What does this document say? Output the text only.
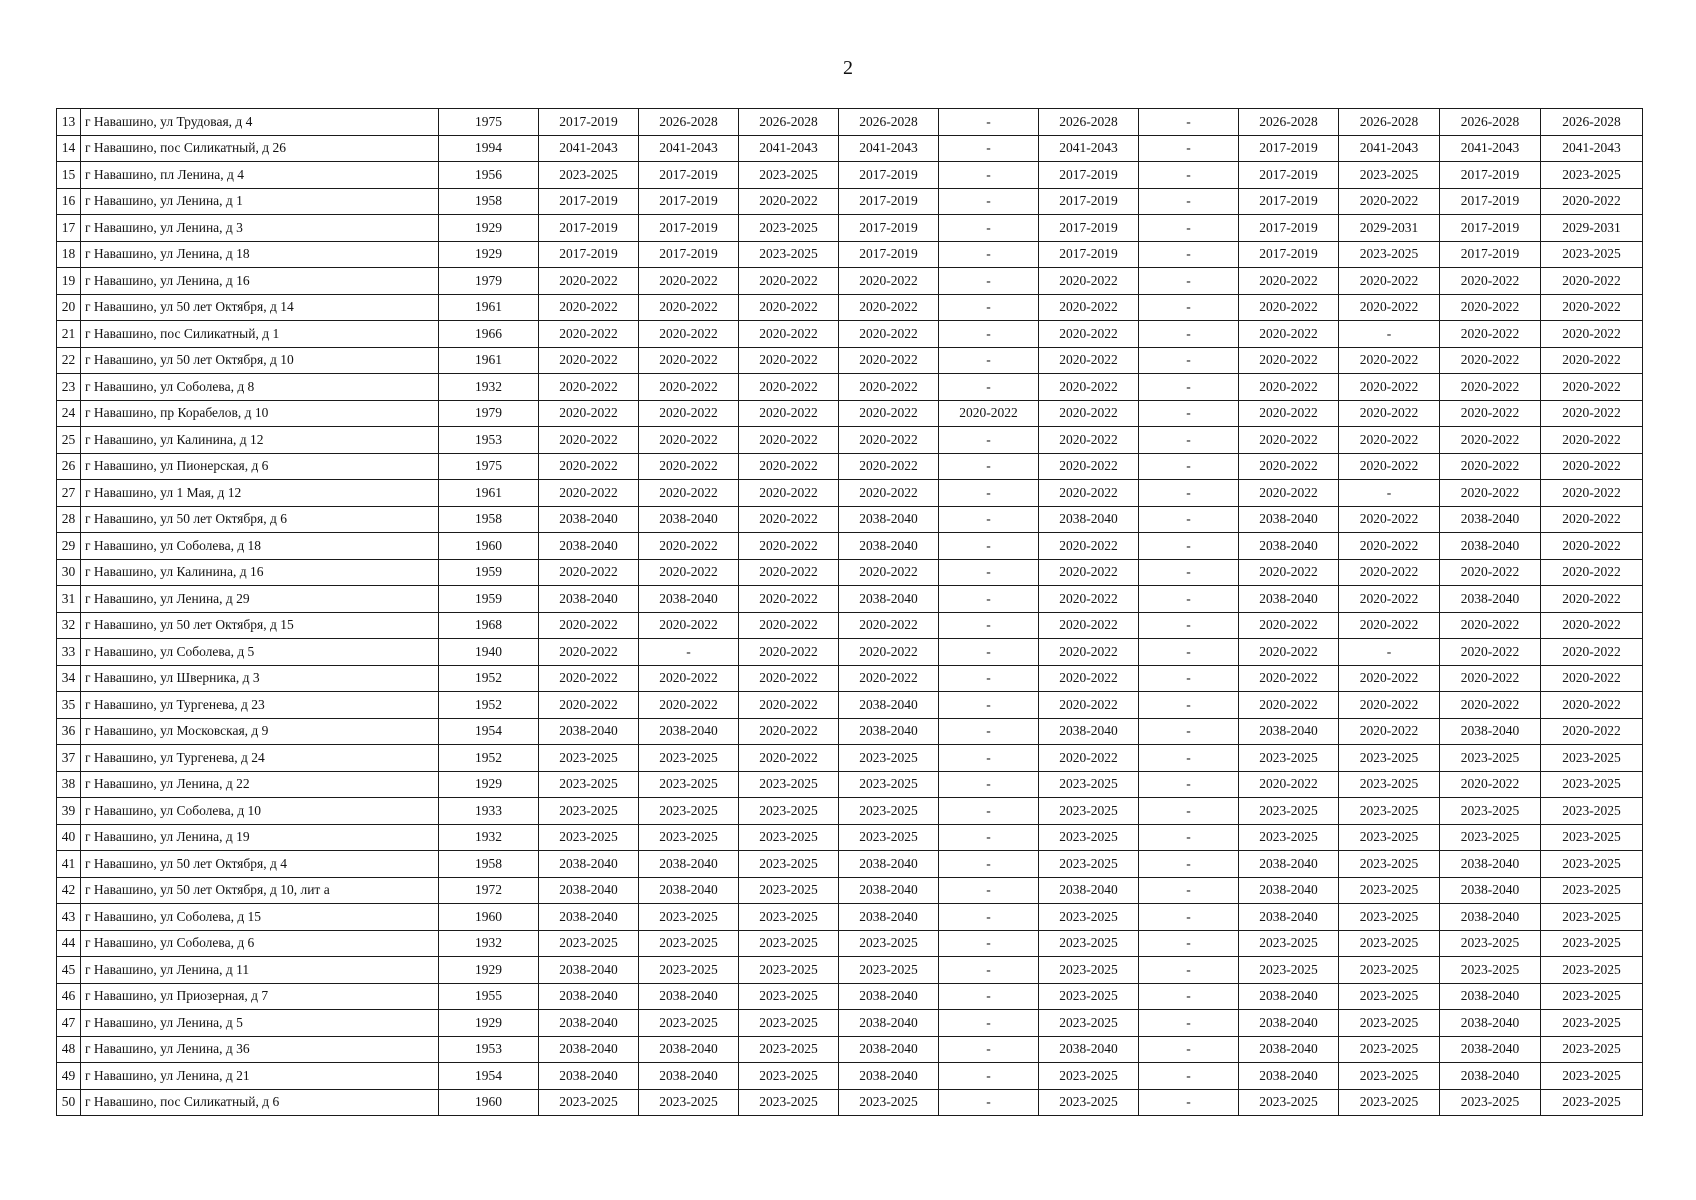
2
13	г Навашино, ул Трудовая, д 4	1975	2017-2019	2026-2028	2026-2028	2026-2028	-	2026-2028	-	2026-2028	2026-2028	2026-2028	2026-2028
14	г Навашино, пос Силикатный, д 26	1994	2041-2043	2041-2043	2041-2043	2041-2043	-	2041-2043	-	2017-2019	2041-2043	2041-2043	2041-2043
15	г Навашино, пл Ленина, д 4	1956	2023-2025	2017-2019	2023-2025	2017-2019	-	2017-2019	-	2017-2019	2023-2025	2017-2019	2023-2025
16	г Навашино, ул Ленина, д 1	1958	2017-2019	2017-2019	2020-2022	2017-2019	-	2017-2019	-	2017-2019	2020-2022	2017-2019	2020-2022
17	г Навашино, ул Ленина, д 3	1929	2017-2019	2017-2019	2023-2025	2017-2019	-	2017-2019	-	2017-2019	2029-2031	2017-2019	2029-2031
18	г Навашино, ул Ленина, д 18	1929	2017-2019	2017-2019	2023-2025	2017-2019	-	2017-2019	-	2017-2019	2023-2025	2017-2019	2023-2025
19	г Навашино, ул Ленина, д 16	1979	2020-2022	2020-2022	2020-2022	2020-2022	-	2020-2022	-	2020-2022	2020-2022	2020-2022	2020-2022
20	г Навашино, ул 50 лет Октября, д 14	1961	2020-2022	2020-2022	2020-2022	2020-2022	-	2020-2022	-	2020-2022	2020-2022	2020-2022	2020-2022
21	г Навашино, пос Силикатный, д 1	1966	2020-2022	2020-2022	2020-2022	2020-2022	-	2020-2022	-	2020-2022	-	2020-2022	2020-2022
22	г Навашино, ул 50 лет Октября, д 10	1961	2020-2022	2020-2022	2020-2022	2020-2022	-	2020-2022	-	2020-2022	2020-2022	2020-2022	2020-2022
23	г Навашино, ул Соболева, д 8	1932	2020-2022	2020-2022	2020-2022	2020-2022	-	2020-2022	-	2020-2022	2020-2022	2020-2022	2020-2022
24	г Навашино, пр Корабелов, д 10	1979	2020-2022	2020-2022	2020-2022	2020-2022	2020-2022	2020-2022	-	2020-2022	2020-2022	2020-2022	2020-2022
25	г Навашино, ул Калинина, д 12	1953	2020-2022	2020-2022	2020-2022	2020-2022	-	2020-2022	-	2020-2022	2020-2022	2020-2022	2020-2022
26	г Навашино, ул Пионерская, д 6	1975	2020-2022	2020-2022	2020-2022	2020-2022	-	2020-2022	-	2020-2022	2020-2022	2020-2022	2020-2022
27	г Навашино, ул 1 Мая, д 12	1961	2020-2022	2020-2022	2020-2022	2020-2022	-	2020-2022	-	2020-2022	-	2020-2022	2020-2022
28	г Навашино, ул 50 лет Октября, д 6	1958	2038-2040	2038-2040	2020-2022	2038-2040	-	2038-2040	-	2038-2040	2020-2022	2038-2040	2020-2022
29	г Навашино, ул Соболева, д 18	1960	2038-2040	2020-2022	2020-2022	2038-2040	-	2020-2022	-	2038-2040	2020-2022	2038-2040	2020-2022
30	г Навашино, ул Калинина, д 16	1959	2020-2022	2020-2022	2020-2022	2020-2022	-	2020-2022	-	2020-2022	2020-2022	2020-2022	2020-2022
31	г Навашино, ул Ленина, д 29	1959	2038-2040	2038-2040	2020-2022	2038-2040	-	2020-2022	-	2038-2040	2020-2022	2038-2040	2020-2022
32	г Навашино, ул 50 лет Октября, д 15	1968	2020-2022	2020-2022	2020-2022	2020-2022	-	2020-2022	-	2020-2022	2020-2022	2020-2022	2020-2022
33	г Навашино, ул Соболева, д 5	1940	2020-2022	-	2020-2022	2020-2022	-	2020-2022	-	2020-2022	-	2020-2022	2020-2022
34	г Навашино, ул Шверника, д 3	1952	2020-2022	2020-2022	2020-2022	2020-2022	-	2020-2022	-	2020-2022	2020-2022	2020-2022	2020-2022
35	г Навашино, ул Тургенева, д 23	1952	2020-2022	2020-2022	2020-2022	2038-2040	-	2020-2022	-	2020-2022	2020-2022	2020-2022	2020-2022
36	г Навашино, ул Московская, д 9	1954	2038-2040	2038-2040	2020-2022	2038-2040	-	2038-2040	-	2038-2040	2020-2022	2038-2040	2020-2022
37	г Навашино, ул Тургенева, д 24	1952	2023-2025	2023-2025	2020-2022	2023-2025	-	2020-2022	-	2023-2025	2023-2025	2023-2025	2023-2025
38	г Навашино, ул Ленина, д 22	1929	2023-2025	2023-2025	2023-2025	2023-2025	-	2023-2025	-	2020-2022	2023-2025	2020-2022	2023-2025
39	г Навашино, ул Соболева, д 10	1933	2023-2025	2023-2025	2023-2025	2023-2025	-	2023-2025	-	2023-2025	2023-2025	2023-2025	2023-2025
40	г Навашино, ул Ленина, д 19	1932	2023-2025	2023-2025	2023-2025	2023-2025	-	2023-2025	-	2023-2025	2023-2025	2023-2025	2023-2025
41	г Навашино, ул 50 лет Октября, д 4	1958	2038-2040	2038-2040	2023-2025	2038-2040	-	2023-2025	-	2038-2040	2023-2025	2038-2040	2023-2025
42	г Навашино, ул 50 лет Октября, д 10, лит а	1972	2038-2040	2038-2040	2023-2025	2038-2040	-	2038-2040	-	2038-2040	2023-2025	2038-2040	2023-2025
43	г Навашино, ул Соболева, д 15	1960	2038-2040	2023-2025	2023-2025	2038-2040	-	2023-2025	-	2038-2040	2023-2025	2038-2040	2023-2025
44	г Навашино, ул Соболева, д 6	1932	2023-2025	2023-2025	2023-2025	2023-2025	-	2023-2025	-	2023-2025	2023-2025	2023-2025	2023-2025
45	г Навашино, ул Ленина, д 11	1929	2038-2040	2023-2025	2023-2025	2023-2025	-	2023-2025	-	2023-2025	2023-2025	2023-2025	2023-2025
46	г Навашино, ул Приозерная, д 7	1955	2038-2040	2038-2040	2023-2025	2038-2040	-	2023-2025	-	2038-2040	2023-2025	2038-2040	2023-2025
47	г Навашино, ул Ленина, д 5	1929	2038-2040	2023-2025	2023-2025	2038-2040	-	2023-2025	-	2038-2040	2023-2025	2038-2040	2023-2025
48	г Навашино, ул Ленина, д 36	1953	2038-2040	2038-2040	2023-2025	2038-2040	-	2038-2040	-	2038-2040	2023-2025	2038-2040	2023-2025
49	г Навашино, ул Ленина, д 21	1954	2038-2040	2038-2040	2023-2025	2038-2040	-	2023-2025	-	2038-2040	2023-2025	2038-2040	2023-2025
50	г Навашино, пос Силикатный, д 6	1960	2023-2025	2023-2025	2023-2025	2023-2025	-	2023-2025	-	2023-2025	2023-2025	2023-2025	2023-2025
